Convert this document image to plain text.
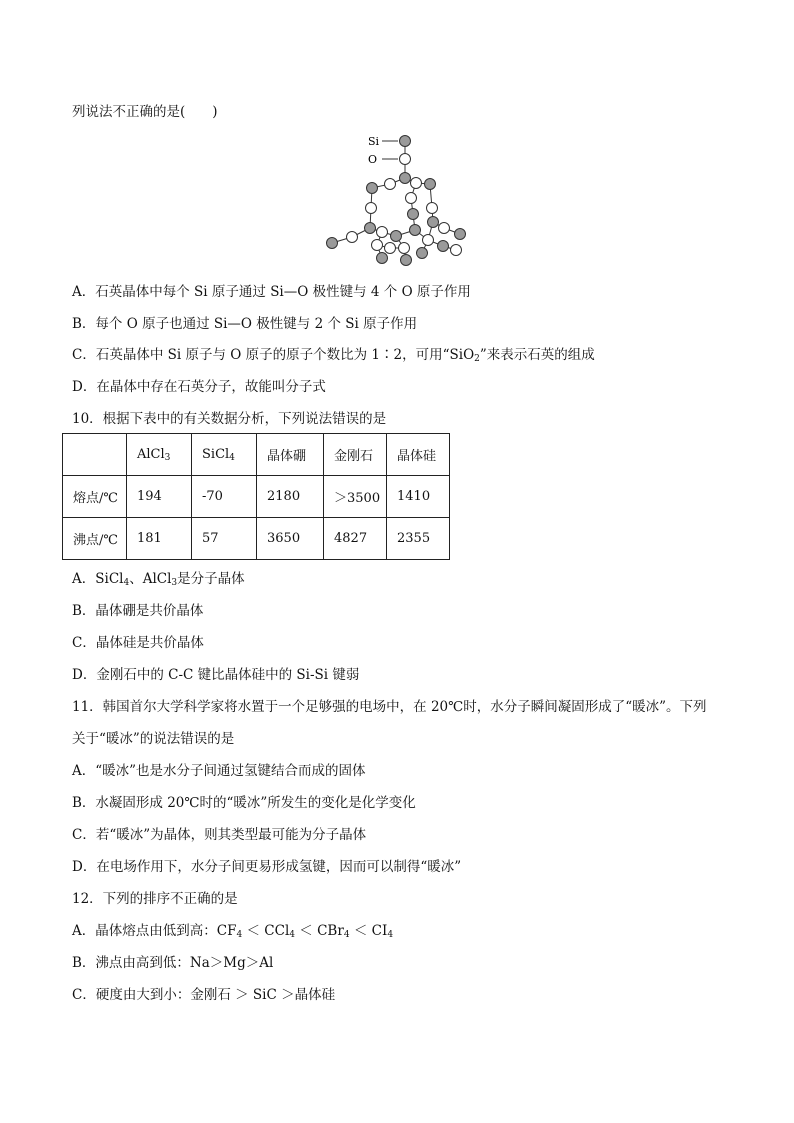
列说法不正确的是(　　)
Si
O
A．石英晶体中每个 Si 原子通过 Si—O 极性键与 4 个 O 原子作用
B．每个 O 原子也通过 Si—O 极性键与 2 个 Si 原子作用
C．石英晶体中 Si 原子与 O 原子的原子个数比为 1∶2，可用“SiO$_2$”来表示石英的组成
D．在晶体中存在石英分子，故能叫分子式
10．根据下表中的有关数据分析，下列说法错误的是
	AlCl$_3$	SiCl$_4$	晶体硼	金刚石	晶体硅
熔点/℃	194	-70	2180	＞3500	1410
沸点/℃	181	57	3650	4827	2355
A．SiCl$_4$、AlCl$_3$是分子晶体
B．晶体硼是共价晶体
C．晶体硅是共价晶体
D．金刚石中的 C-C 键比晶体硅中的 Si-Si 键弱
11．韩国首尔大学科学家将水置于一个足够强的电场中，在 20℃时，水分子瞬间凝固形成了“暖冰”。下列
关于“暖冰”的说法错误的是
A．“暖冰”也是水分子间通过氢键结合而成的固体
B．水凝固形成 20℃时的“暖冰”所发生的变化是化学变化
C．若“暖冰”为晶体，则其类型最可能为分子晶体
D．在电场作用下，水分子间更易形成氢键，因而可以制得“暖冰”
12．下列的排序不正确的是
A．晶体熔点由低到高：$CF_4 < CCl_4 < CBr_4 < CI_4$
B．沸点由高到低：Na＞Mg＞Al
C．硬度由大到小：金刚石 ＞ SiC ＞晶体硅
